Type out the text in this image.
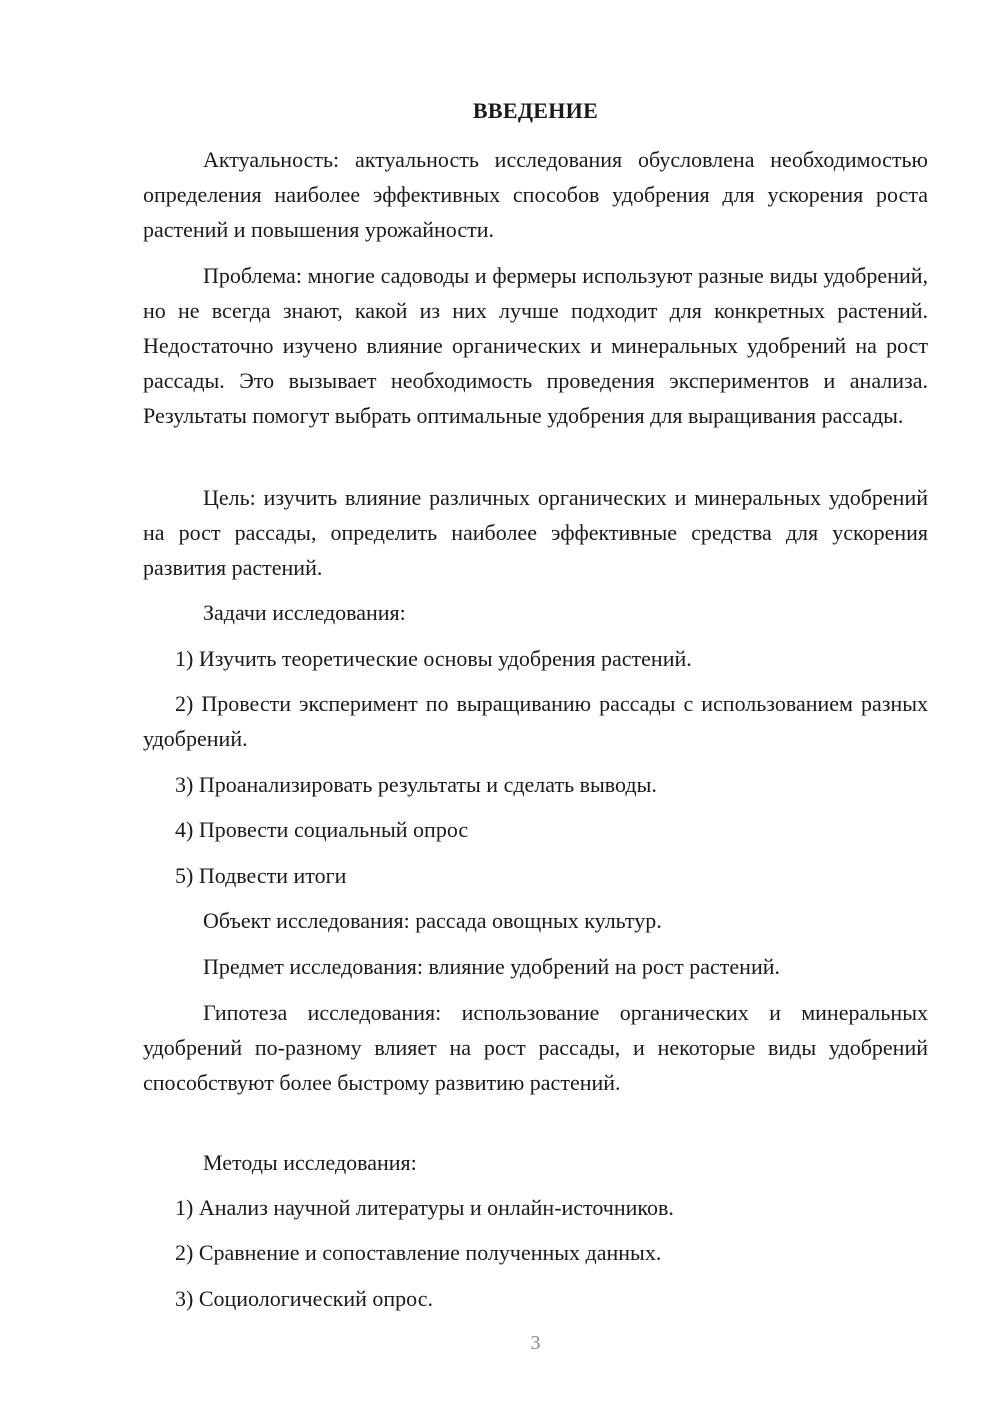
ВВЕДЕНИЕ

Актуальность: актуальность исследования обусловлена необходимостью определения наиболее эффективных способов удобрения для ускорения роста растений и повышения урожайности.

Проблема: многие садоводы и фермеры используют разные виды удобрений, но не всегда знают, какой из них лучше подходит для конкретных растений. Недостаточно изучено влияние органических и минеральных удобрений на рост рассады. Это вызывает необходимость проведения экспериментов и анализа. Результаты помогут выбрать оптимальные удобрения для выращивания рассады.

Цель: изучить влияние различных органических и минеральных удобрений на рост рассады, определить наиболее эффективные средства для ускорения развития растений.

Задачи исследования:

1) Изучить теоретические основы удобрения растений.

2) Провести эксперимент по выращиванию рассады с использованием разных удобрений.

3) Проанализировать результаты и сделать выводы.

4) Провести социальный опрос

5) Подвести итоги

Объект исследования: рассада овощных культур.

Предмет исследования: влияние удобрений на рост растений.

Гипотеза исследования: использование органических и минеральных удобрений по-разному влияет на рост рассады, и некоторые виды удобрений способствуют более быстрому развитию растений.

Методы исследования:

1) Анализ научной литературы и онлайн-источников.

2) Сравнение и сопоставление полученных данных.

3) Социологический опрос.

3
